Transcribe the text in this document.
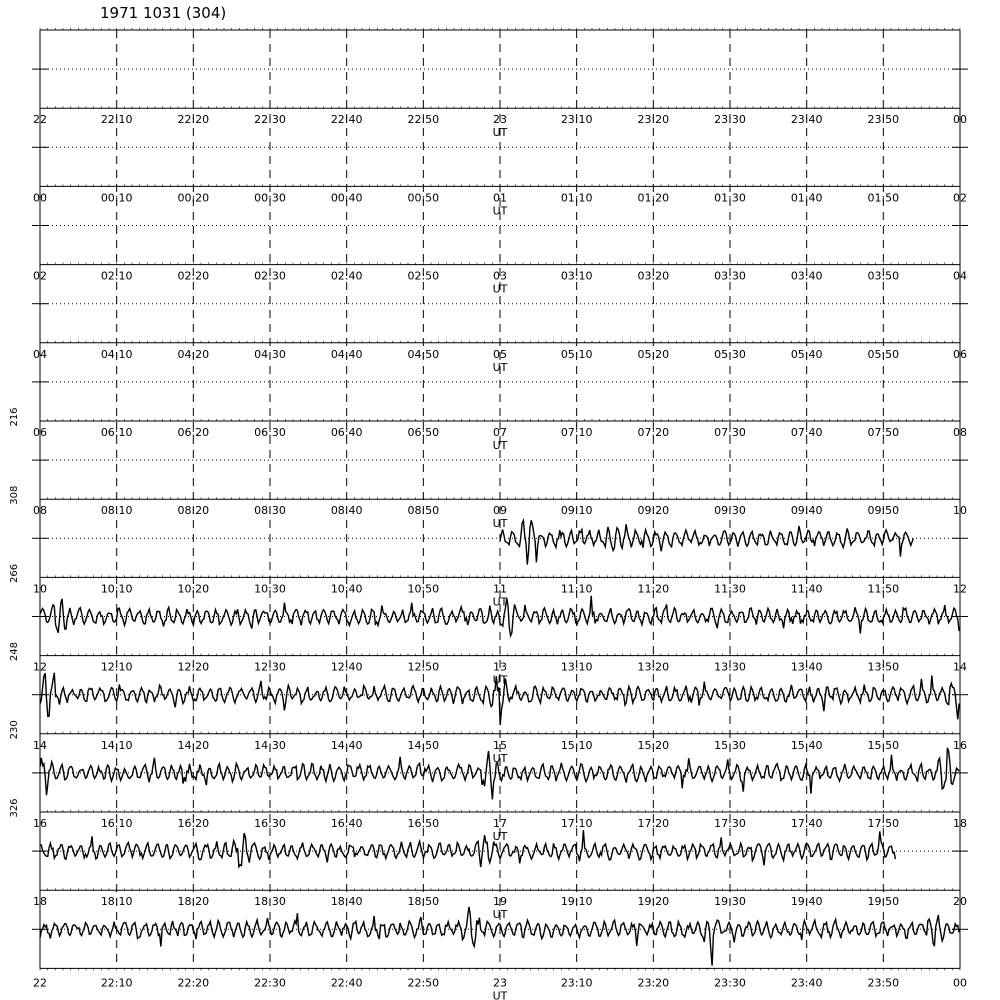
1971 1031 (304)
22	22:10	22:20	22:30	22:40	22:50	23	23:10	23:20	23:30	23:40	23:50	00
UT
00	00:10	00:20	00:30	00:40	00:50	01	01:10	01:20	01:30	01:40	01:50	02
UT
02	02:10	02:20	02:30	02:40	02:50	03	03:10	03:20	03:30	03:40	03:50	04
UT
04	04:10	04:20	04:30	04:40	04:50	05	05:10	05:20	05:30	05:40	05:50	06
UT
06	06:10	06:20	06:30	06:40	06:50	07	07:10	07:20	07:30	07:40	07:50	08
UT
216
08	08:10	08:20	08:30	08:40	08:50	09	09:10	09:20	09:30	09:40	09:50	10
UT
308
10	10:10	10:20	10:30	10:40	10:50	11	11:10	11:20	11:30	11:40	11:50	12
UT
266
12	12:10	12:20	12:30	12:40	12:50	13	13:10	13:20	13:30	13:40	13:50	14
UT
248
14	14:10	14:20	14:30	14:40	14:50	15	15:10	15:20	15:30	15:40	15:50	16
UT
230
16	16:10	16:20	16:30	16:40	16:50	17	17:10	17:20	17:30	17:40	17:50	18
UT
326
18	18:10	18:20	18:30	18:40	18:50	19	19:10	19:20	19:30	19:40	19:50	20
UT
22	22:10	22:20	22:30	22:40	22:50	23	23:10	23:20	23:30	23:40	23:50	00
UT
